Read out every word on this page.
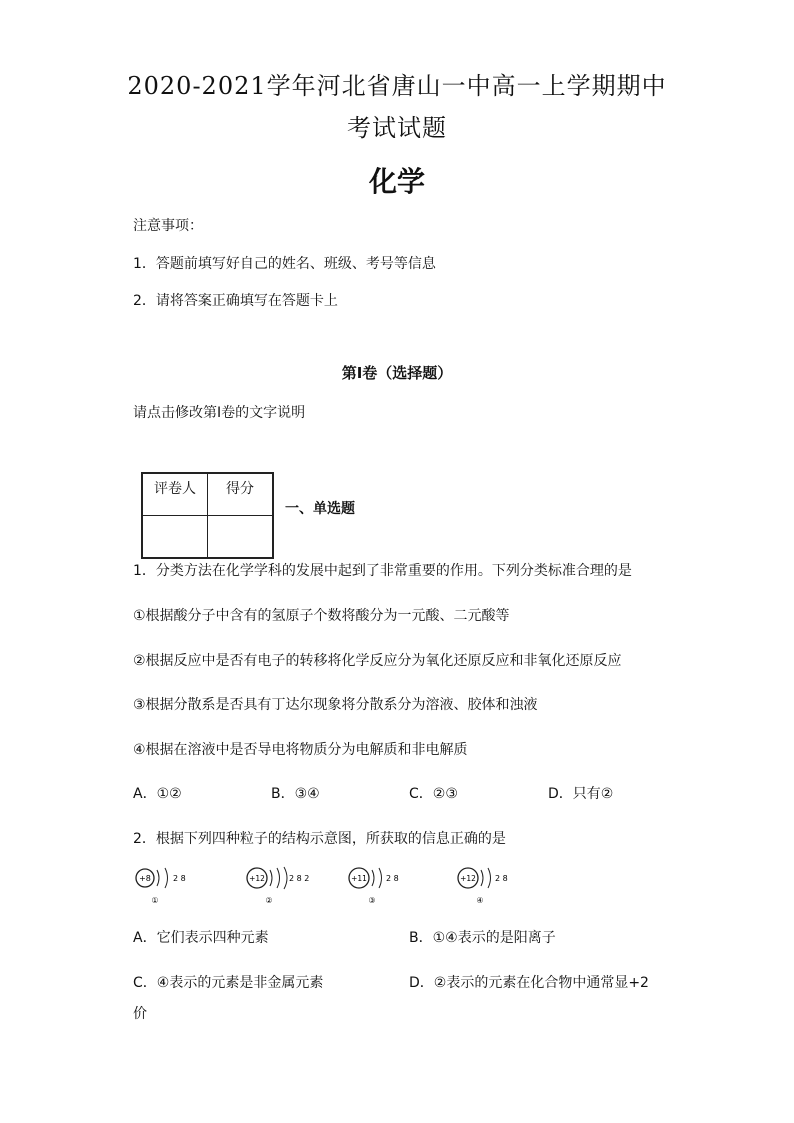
2020-2021学年河北省唐山一中高一上学期期中
考试试题
化学
注意事项：
1．答题前填写好自己的姓名、班级、考号等信息
2．请将答案正确填写在答题卡上
第I卷（选择题）
请点击修改第I卷的文字说明
评卷人	得分

一、单选题
1．分类方法在化学学科的发展中起到了非常重要的作用。下列分类标准合理的是
①根据酸分子中含有的氢原子个数将酸分为一元酸、二元酸等
②根据反应中是否有电子的转移将化学反应分为氧化还原反应和非氧化还原反应
③根据分散系是否具有丁达尔现象将分散系分为溶液、胶体和浊液
④根据在溶液中是否导电将物质分为电解质和非电解质
A．①②	B．③④	C．②③	D．只有②
2．根据下列四种粒子的结构示意图，所获取的信息正确的是
+8	2 8
①
+12	2 8 2
②
+11 2 8
③
+12 2 8
④
A．它们表示四种元素	B．①④表示的是阳离子
C．④表示的元素是非金属元素	D．②表示的元素在化合物中通常显+2
价
